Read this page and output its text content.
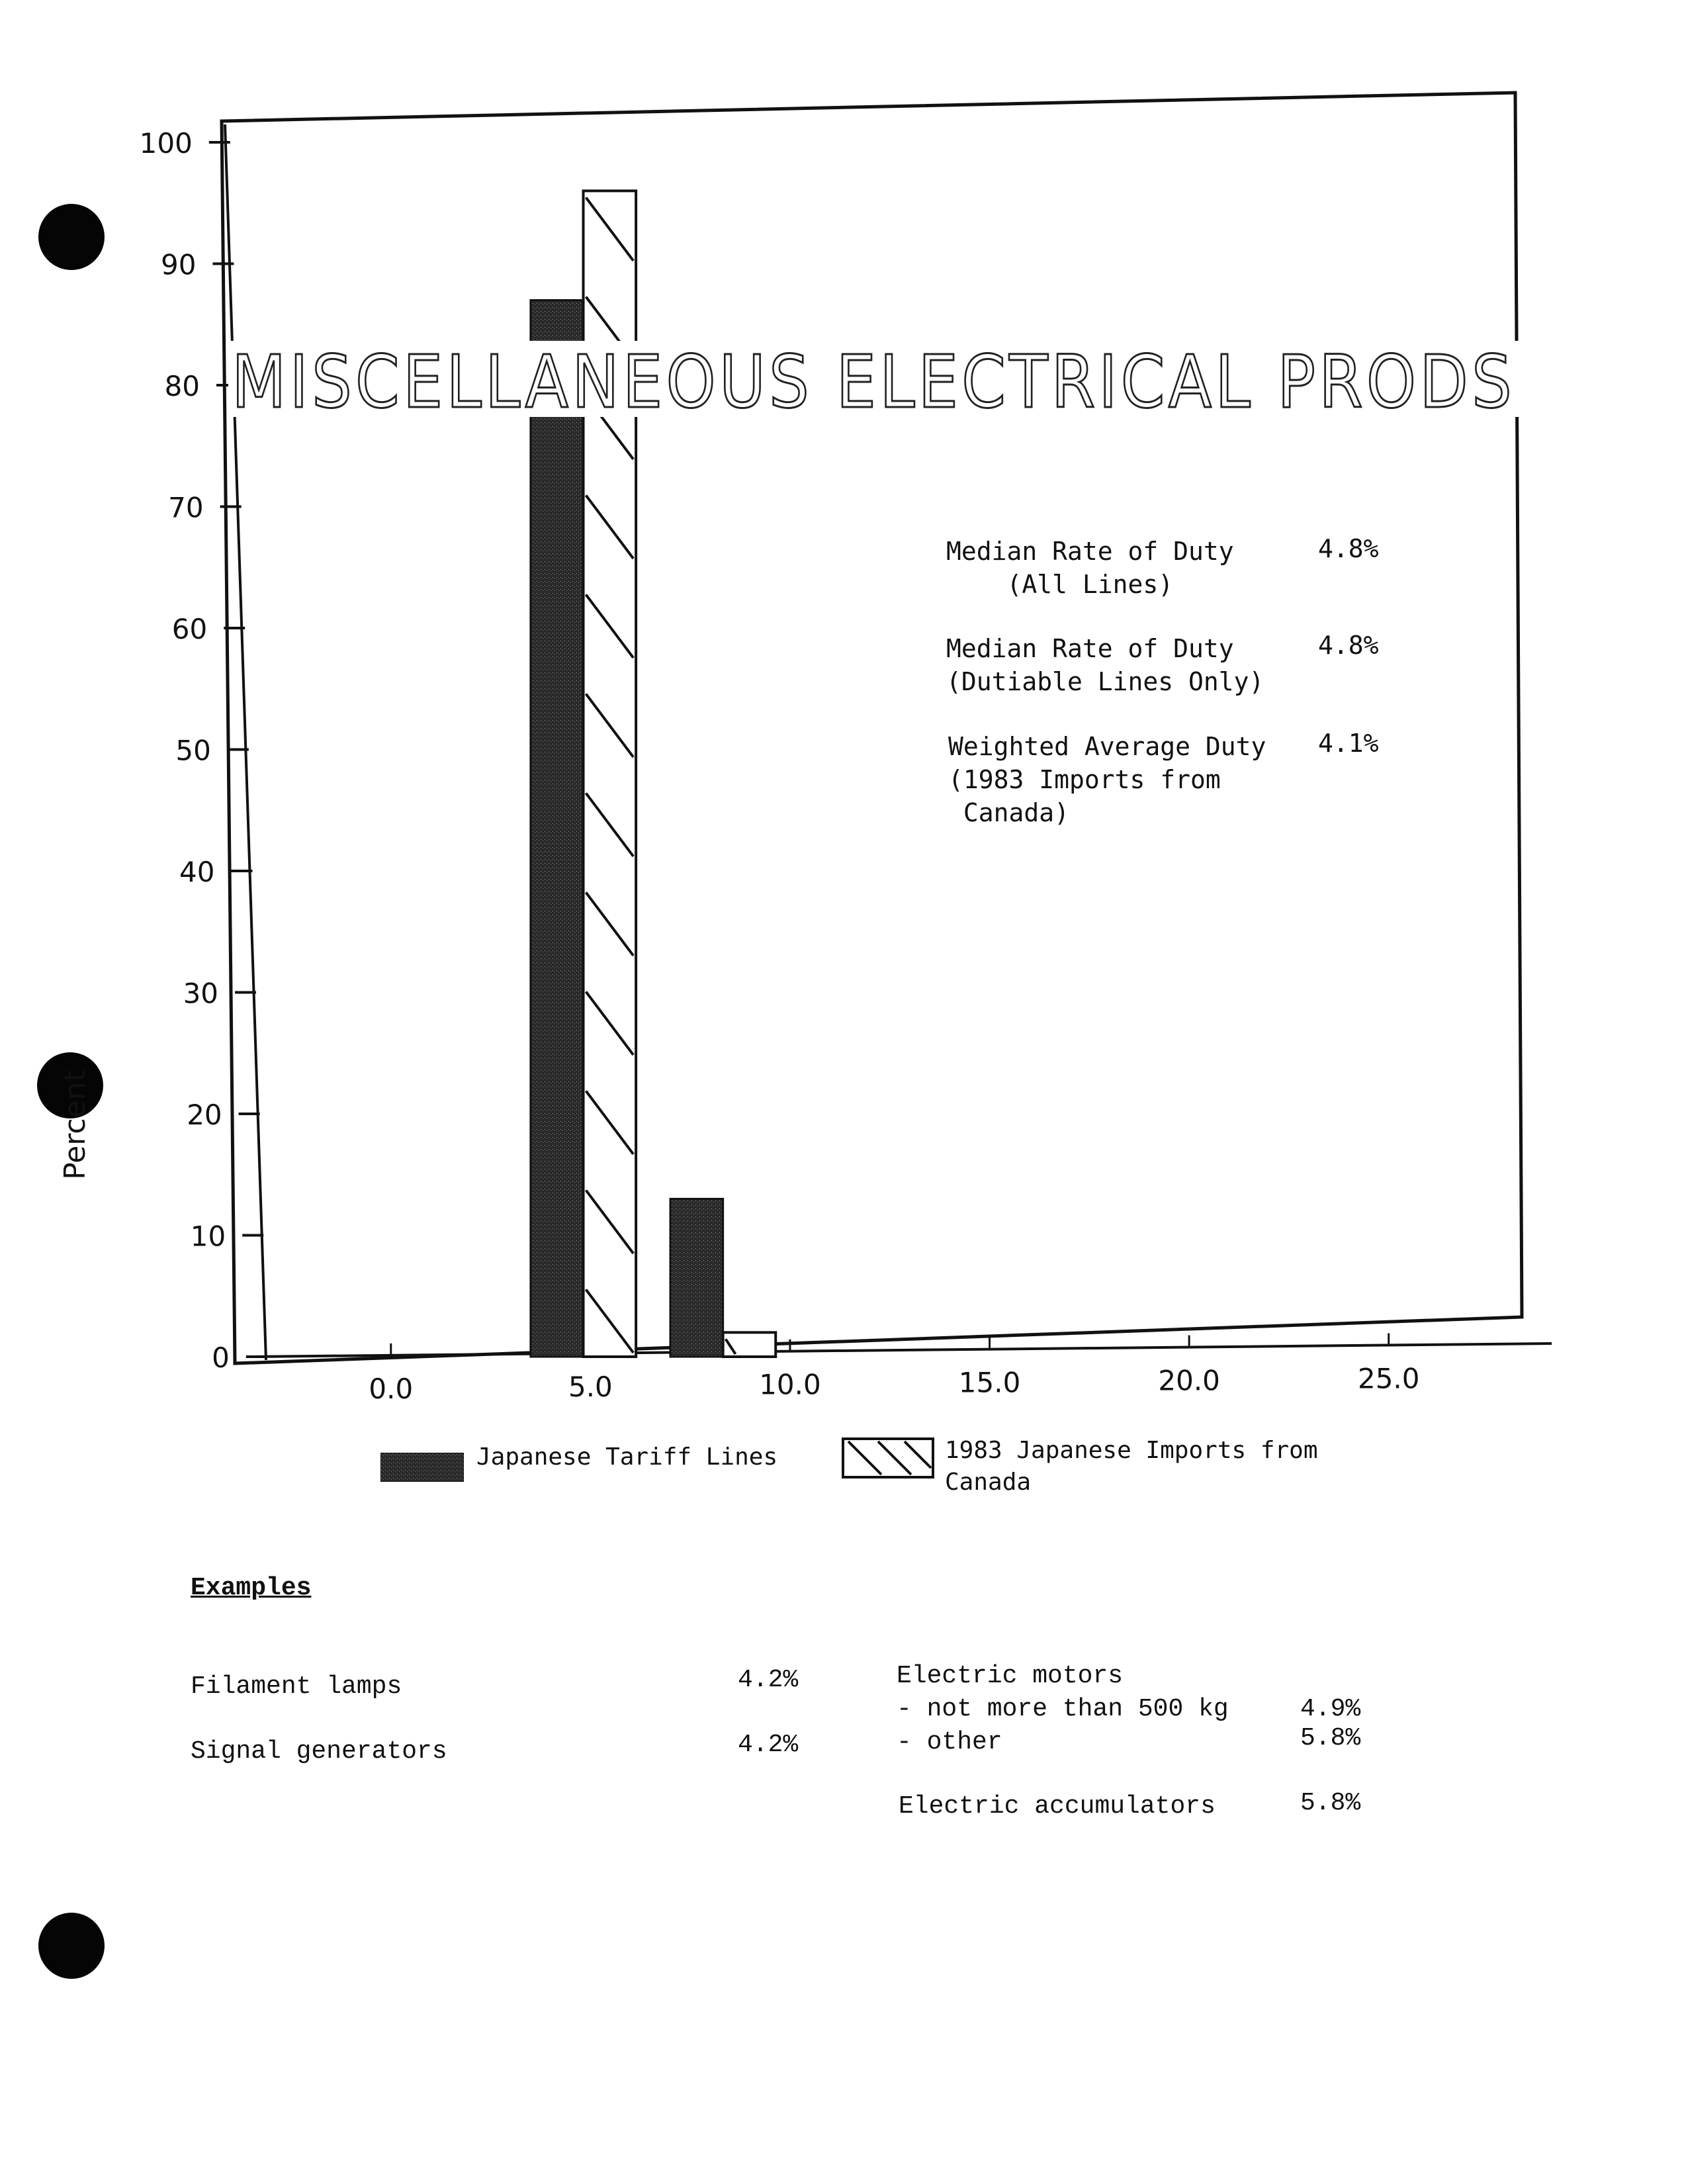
0
10
20
30
40
50
60
70
80
90
100
0.0	5.0	10.0	15.0	20.0	25.0
MISCELLANEOUS ELECTRICAL PRODS
Percent
Median Rate of Duty
(All Lines)
4.8%
Median Rate of Duty
(Dutiable Lines Only)
4.8%
Weighted Average Duty
(1983 Imports from
Canada)
4.1%
Japanese Tariff Lines	1983 Japanese Imports from
Canada
Examples
Filament lamps	4.2%
Signal generators	4.2%
Electric motors
- not more than 500 kg	4.9%
- other	5.8%
Electric accumulators	5.8%
